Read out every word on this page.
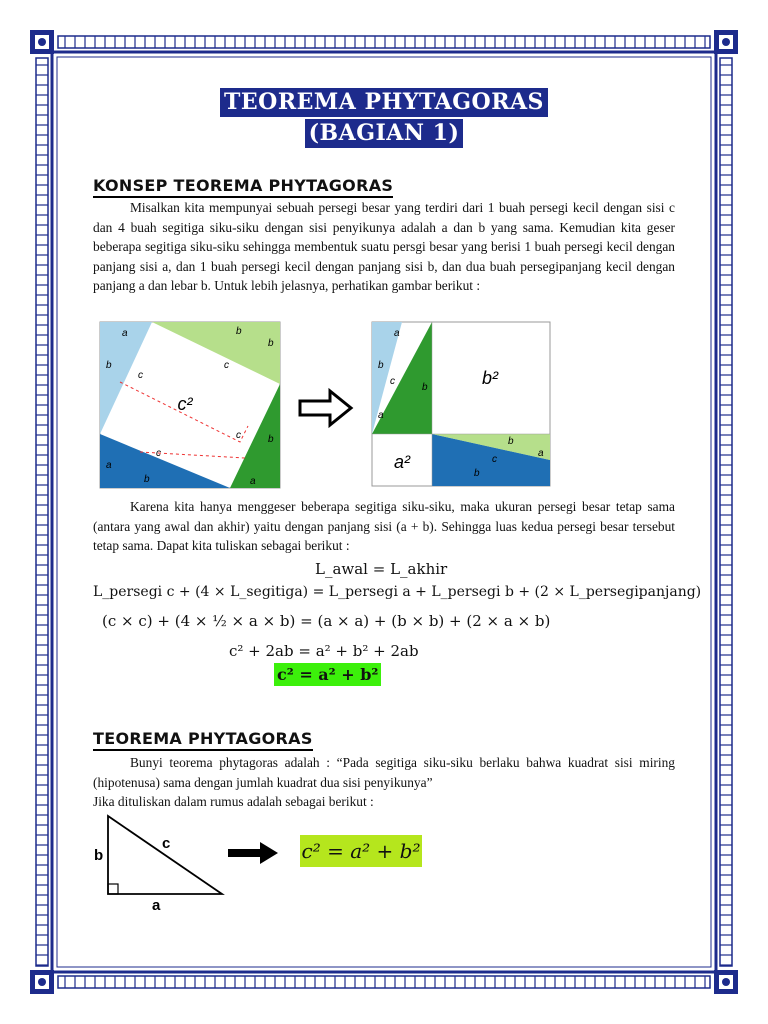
TEOREMA PHYTAGORAS
(BAGIAN 1)
KONSEP TEOREMA PHYTAGORAS
Misalkan kita mempunyai sebuah persegi besar yang terdiri dari 1 buah persegi kecil dengan sisi c dan 4 buah segitiga siku-siku dengan sisi penyikunya adalah a dan b yang sama. Kemudian kita geser beberapa segitiga siku-siku sehingga membentuk suatu persgi besar yang berisi 1 buah persegi kecil dengan panjang sisi a, dan 1 buah persegi kecil dengan panjang sisi b, dan dua buah persegipanjang kecil dengan panjang a dan lebar b. Untuk lebih jelasnya, perhatikan gambar berikut :
c²
a	b
b
c
c
c
c
b
b
a
a
b
b²
a²
a
b
c
b
a
b
c
b
a
Karena kita hanya menggeser beberapa segitiga siku-siku, maka ukuran persegi besar tetap sama (antara yang awal dan akhir) yaitu dengan panjang sisi (a + b). Sehingga luas kedua persegi besar tersebut tetap sama. Dapat kita tuliskan sebagai berikut :
L_awal = L_akhir
L_persegi c + (4 × L_segitiga) = L_persegi a + L_persegi b + (2 × L_persegipanjang)
(c × c) + (4 × ½ × a × b) = (a × a) + (b × b) + (2 × a × b)
c² + 2ab = a² + b² + 2ab
c² = a² + b²
TEOREMA PHYTAGORAS
Bunyi teorema phytagoras adalah : “Pada segitiga siku-siku berlaku bahwa kuadrat sisi miring (hipotenusa) sama dengan jumlah kuadrat dua sisi penyikunya”
Jika dituliskan dalam rumus adalah sebagai berikut :
b
c
a
c² = a² + b²
